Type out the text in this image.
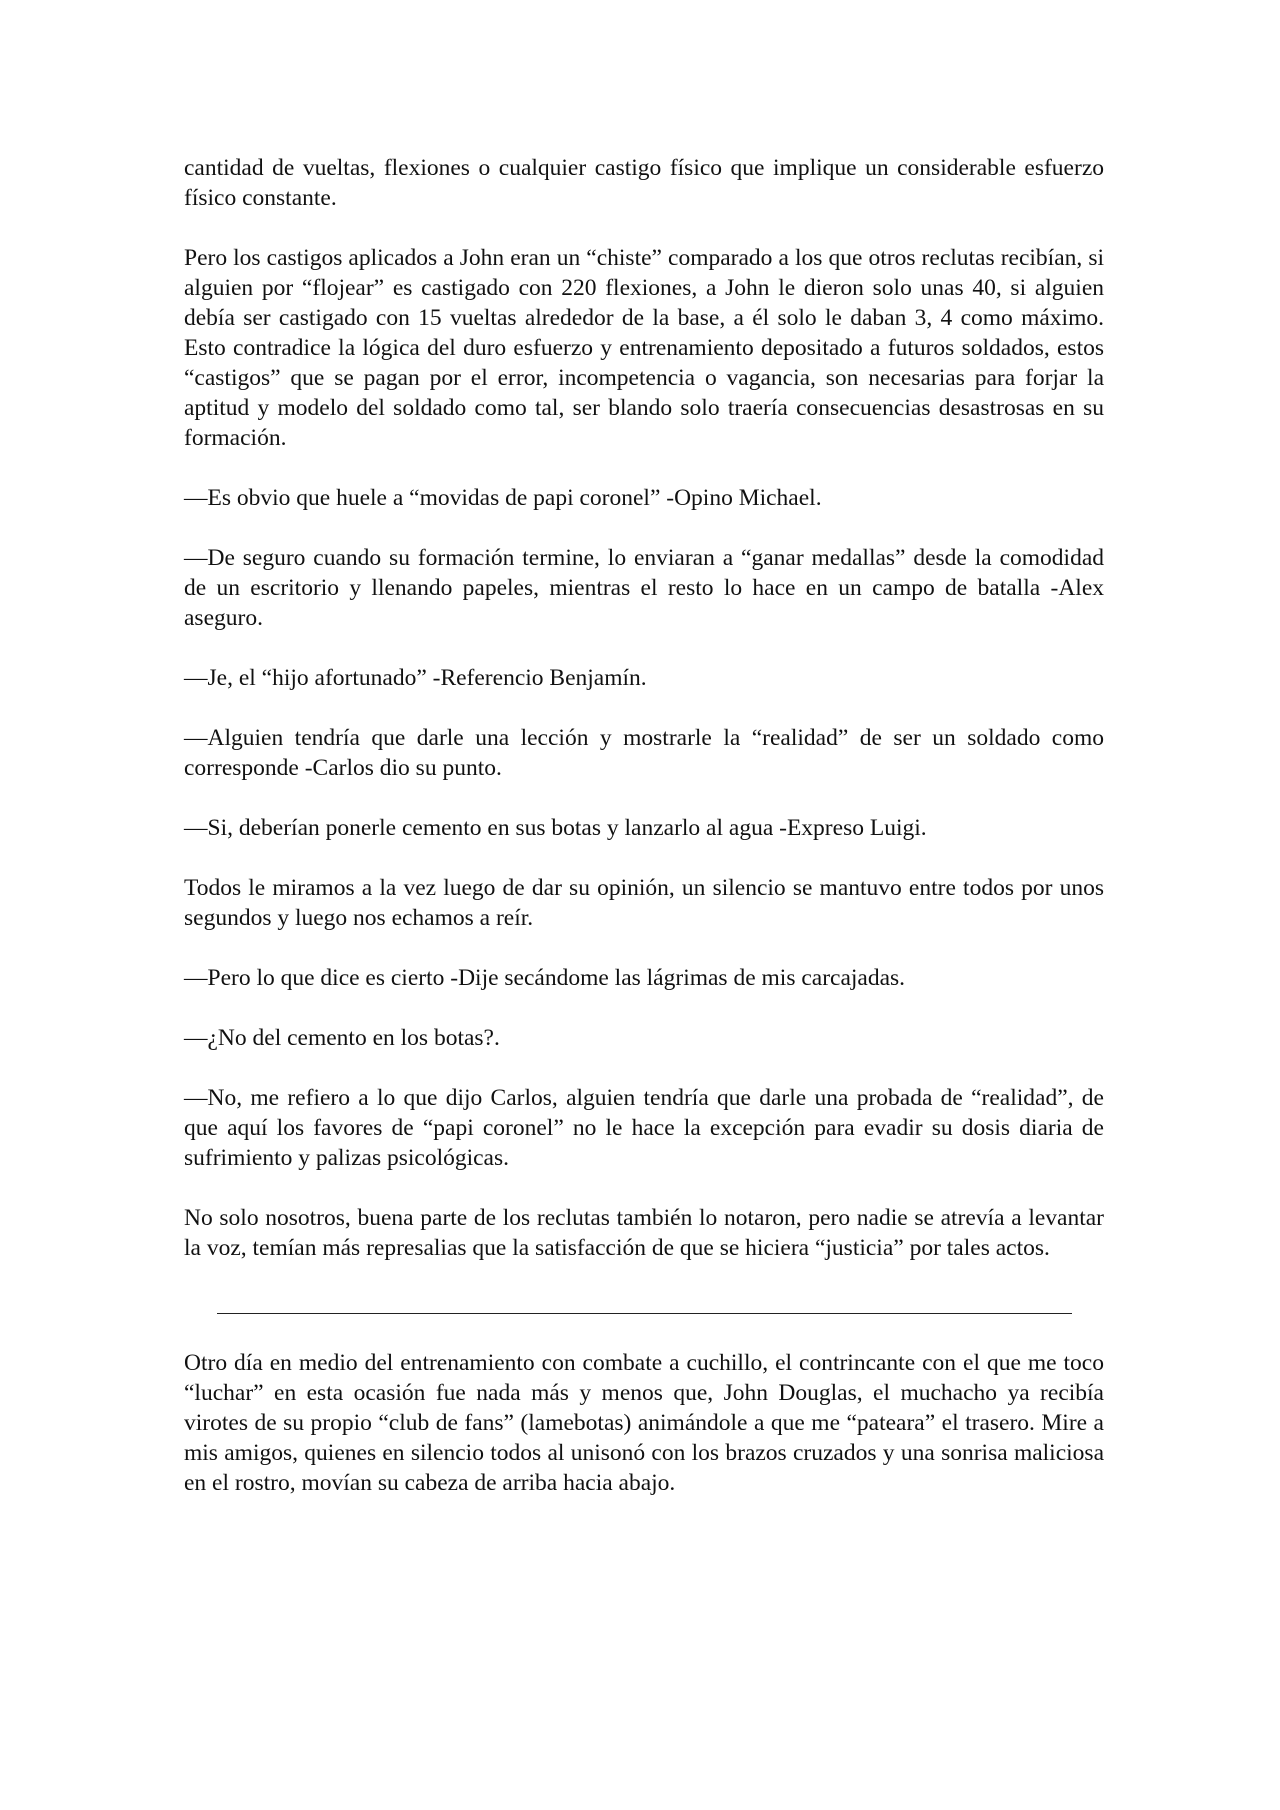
cantidad de vueltas, flexiones o cualquier castigo físico que implique un considerable esfuerzo físico constante.

Pero los castigos aplicados a John eran un “chiste” comparado a los que otros reclutas recibían, si alguien por “flojear” es castigado con 220 flexiones, a John le dieron solo unas 40, si alguien debía ser castigado con 15 vueltas alrededor de la base, a él solo le daban 3, 4 como máximo. Esto contradice la lógica del duro esfuerzo y entrenamiento depositado a futuros soldados, estos “castigos” que se pagan por el error, incompetencia o vagancia, son necesarias para forjar la aptitud y modelo del soldado como tal, ser blando solo traería consecuencias desastrosas en su formación.

—Es obvio que huele a “movidas de papi coronel” -Opino Michael.

—De seguro cuando su formación termine, lo enviaran a “ganar medallas” desde la comodidad de un escritorio y llenando papeles, mientras el resto lo hace en un campo de batalla -Alex aseguro.

—Je, el “hijo afortunado” -Referencio Benjamín.

—Alguien tendría que darle una lección y mostrarle la “realidad” de ser un soldado como corresponde -Carlos dio su punto.

—Si, deberían ponerle cemento en sus botas y lanzarlo al agua -Expreso Luigi.

Todos le miramos a la vez luego de dar su opinión, un silencio se mantuvo entre todos por unos segundos y luego nos echamos a reír.

—Pero lo que dice es cierto -Dije secándome las lágrimas de mis carcajadas.

—¿No del cemento en los botas?.

—No, me refiero a lo que dijo Carlos, alguien tendría que darle una probada de “realidad”, de que aquí los favores de “papi coronel” no le hace la excepción para evadir su dosis diaria de sufrimiento y palizas psicológicas.

No solo nosotros, buena parte de los reclutas también lo notaron, pero nadie se atrevía a levantar la voz, temían más represalias que la satisfacción de que se hiciera “justicia” por tales actos.

Otro día en medio del entrenamiento con combate a cuchillo, el contrincante con el que me toco “luchar” en esta ocasión fue nada más y menos que, John Douglas, el muchacho ya recibía virotes de su propio “club de fans” (lamebotas) animándole a que me “pateara” el trasero. Mire a mis amigos, quienes en silencio todos al unisonó con los brazos cruzados y una sonrisa maliciosa en el rostro, movían su cabeza de arriba hacia abajo.
